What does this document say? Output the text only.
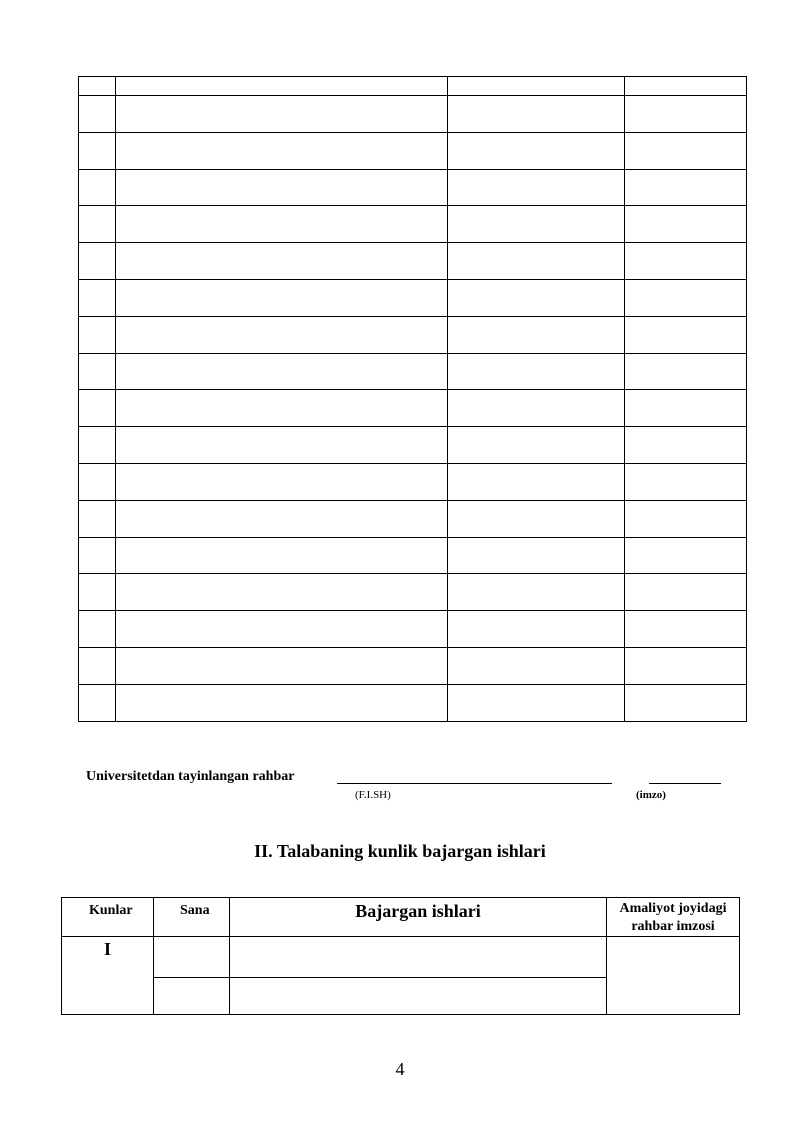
Universitetdan tayinlangan rahbar
(F.I.SH)	(imzo)
II. Talabaning kunlik bajargan ishlari
Kunlar	Sana	Bajargan ishlari	Amaliyot joyidagi rahbar imzosi
I			

4
